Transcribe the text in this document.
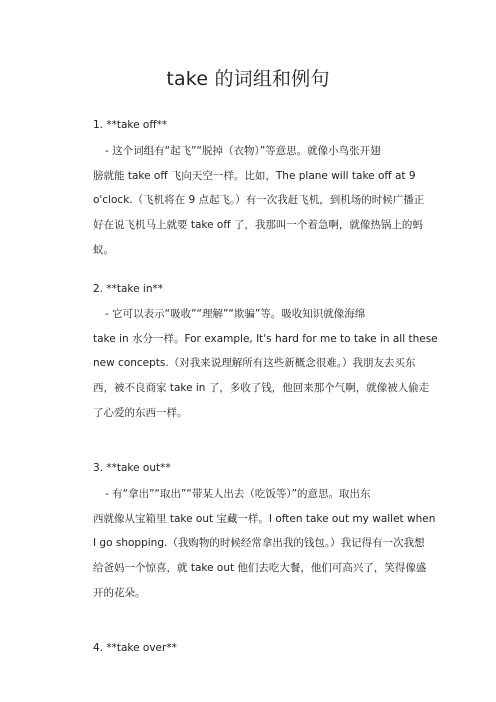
take 的词组和例句
1. **take off**
- 这个词组有“起飞”“脱掉（衣物）”等意思。就像小鸟张开翅
膀就能 take off 飞向天空一样。比如，The plane will take off at 9
o'clock.（飞机将在 9 点起飞。）有一次我赶飞机，到机场的时候广播正
好在说飞机马上就要 take off 了，我那叫一个着急啊，就像热锅上的蚂
蚁。
2. **take in**
- 它可以表示“吸收”“理解”“欺骗”等。吸收知识就像海绵
take in 水分一样。For example, It's hard for me to take in all these
new concepts.（对我来说理解所有这些新概念很难。）我朋友去买东
西，被不良商家 take in 了，多收了钱，他回来那个气啊，就像被人偷走
了心爱的东西一样。
3. **take out**
- 有“拿出”“取出”“带某人出去（吃饭等）”的意思。取出东
西就像从宝箱里 take out 宝藏一样。I often take out my wallet when
I go shopping.（我购物的时候经常拿出我的钱包。）我记得有一次我想
给爸妈一个惊喜，就 take out 他们去吃大餐，他们可高兴了，笑得像盛
开的花朵。
4. **take over**
